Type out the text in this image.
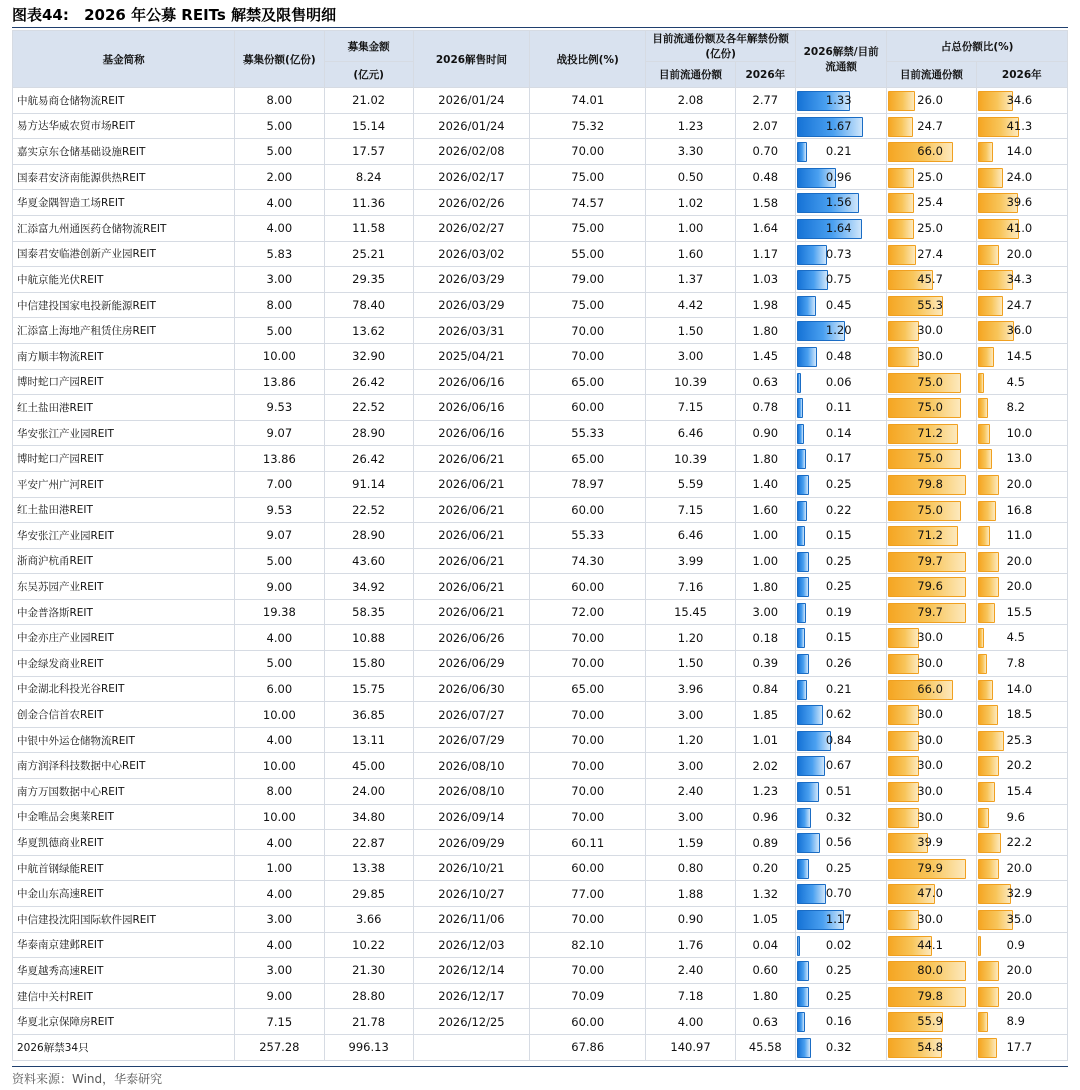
图表44: 2026 年公募 REITs 解禁及限售明细
基金简称	募集份额(亿份)	募集金额	2026解售时间	战投比例(%)	目前流通份额及各年解禁份额(亿份)		2026解禁/目前
流通额	占总份额比(%)	
		(亿元)			目前流通份额	2026年		目前流通份额	2026年
中航易商仓储物流REIT	8.00	21.02	2026/01/24	74.01	2.08	2.77	1.33	26.0	34.6

易方达华威农贸市场REIT	5.00	15.14	2026/01/24	75.32	1.23	2.07	1.67	24.7	41.3

嘉实京东仓储基础设施REIT	5.00	17.57	2026/02/08	70.00	3.30	0.70	0.21	66.0	14.0

国泰君安济南能源供热REIT	2.00	8.24	2026/02/17	75.00	0.50	0.48	0.96	25.0	24.0

华夏金隅智造工场REIT	4.00	11.36	2026/02/26	74.57	1.02	1.58	1.56	25.4	39.6

汇添富九州通医药仓储物流REIT	4.00	11.58	2026/02/27	75.00	1.00	1.64	1.64	25.0	41.0

国泰君安临港创新产业园REIT	5.83	25.21	2026/03/02	55.00	1.60	1.17	0.73	27.4	20.0

中航京能光伏REIT	3.00	29.35	2026/03/29	79.00	1.37	1.03	0.75	45.7	34.3

中信建投国家电投新能源REIT	8.00	78.40	2026/03/29	75.00	4.42	1.98	0.45	55.3	24.7

汇添富上海地产租赁住房REIT	5.00	13.62	2026/03/31	70.00	1.50	1.80	1.20	30.0	36.0

南方顺丰物流REIT	10.00	32.90	2025/04/21	70.00	3.00	1.45	0.48	30.0	14.5

博时蛇口产园REIT	13.86	26.42	2026/06/16	65.00	10.39	0.63	0.06	75.0	4.5

红土盐田港REIT	9.53	22.52	2026/06/16	60.00	7.15	0.78	0.11	75.0	8.2

华安张江产业园REIT	9.07	28.90	2026/06/16	55.33	6.46	0.90	0.14	71.2	10.0

博时蛇口产园REIT	13.86	26.42	2026/06/21	65.00	10.39	1.80	0.17	75.0	13.0

平安广州广河REIT	7.00	91.14	2026/06/21	78.97	5.59	1.40	0.25	79.8	20.0

红土盐田港REIT	9.53	22.52	2026/06/21	60.00	7.15	1.60	0.22	75.0	16.8

华安张江产业园REIT	9.07	28.90	2026/06/21	55.33	6.46	1.00	0.15	71.2	11.0

浙商沪杭甬REIT	5.00	43.60	2026/06/21	74.30	3.99	1.00	0.25	79.7	20.0

东吴苏园产业REIT	9.00	34.92	2026/06/21	60.00	7.16	1.80	0.25	79.6	20.0

中金普洛斯REIT	19.38	58.35	2026/06/21	72.00	15.45	3.00	0.19	79.7	15.5

中金亦庄产业园REIT	4.00	10.88	2026/06/26	70.00	1.20	0.18	0.15	30.0	4.5

中金绿发商业REIT	5.00	15.80	2026/06/29	70.00	1.50	0.39	0.26	30.0	7.8

中金湖北科投光谷REIT	6.00	15.75	2026/06/30	65.00	3.96	0.84	0.21	66.0	14.0

创金合信首农REIT	10.00	36.85	2026/07/27	70.00	3.00	1.85	0.62	30.0	18.5

中银中外运仓储物流REIT	4.00	13.11	2026/07/29	70.00	1.20	1.01	0.84	30.0	25.3

南方润泽科技数据中心REIT	10.00	45.00	2026/08/10	70.00	3.00	2.02	0.67	30.0	20.2

南方万国数据中心REIT	8.00	24.00	2026/08/10	70.00	2.40	1.23	0.51	30.0	15.4

中金唯品会奥莱REIT	10.00	34.80	2026/09/14	70.00	3.00	0.96	0.32	30.0	9.6

华夏凯德商业REIT	4.00	22.87	2026/09/29	60.11	1.59	0.89	0.56	39.9	22.2

中航首钢绿能REIT	1.00	13.38	2026/10/21	60.00	0.80	0.20	0.25	79.9	20.0

中金山东高速REIT	4.00	29.85	2026/10/27	77.00	1.88	1.32	0.70	47.0	32.9

中信建投沈阳国际软件园REIT	3.00	3.66	2026/11/06	70.00	0.90	1.05	1.17	30.0	35.0

华泰南京建邺REIT	4.00	10.22	2026/12/03	82.10	1.76	0.04	0.02	44.1	0.9

华夏越秀高速REIT	3.00	21.30	2026/12/14	70.00	2.40	0.60	0.25	80.0	20.0

建信中关村REIT	9.00	28.80	2026/12/17	70.09	7.18	1.80	0.25	79.8	20.0

华夏北京保障房REIT	7.15	21.78	2026/12/25	60.00	4.00	0.63	0.16	55.9	8.9

2026解禁34只	257.28	996.13		67.86	140.97	45.58	0.32	54.8	17.7
资料来源：Wind，华泰研究
